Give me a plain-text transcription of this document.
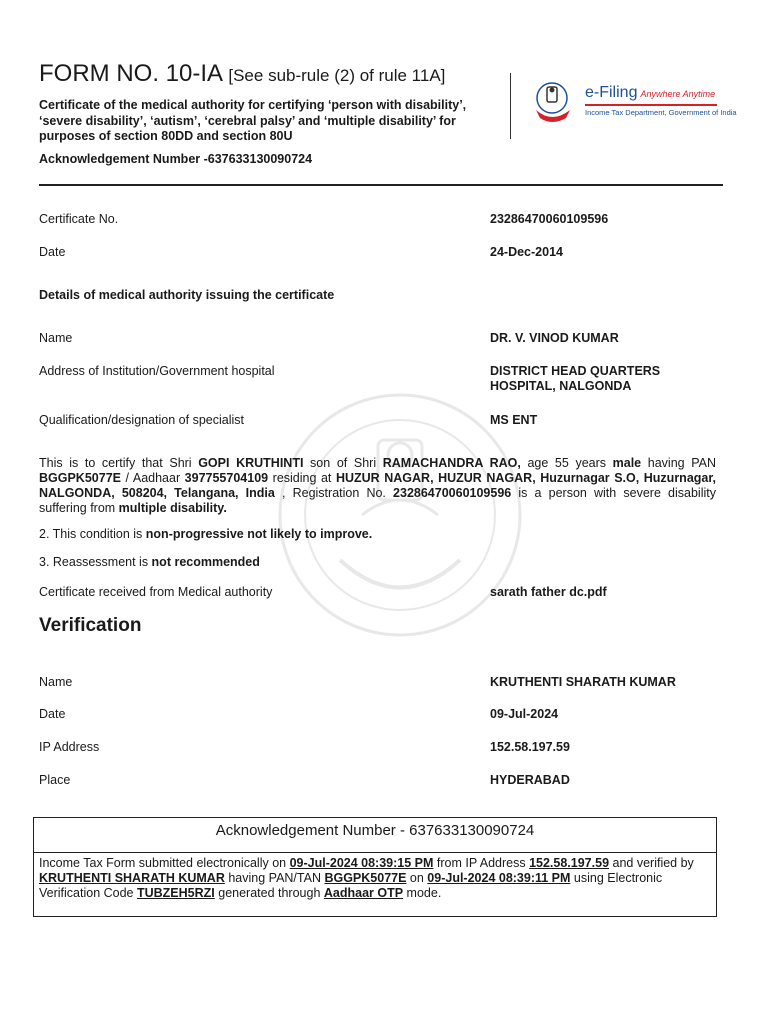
FORM NO. 10-IA [See sub-rule (2) of rule 11A]
Certificate of the medical authority for certifying ‘person with disability’, ‘severe disability’, ‘autism’, ‘cerebral palsy’ and ‘multiple disability’ for purposes of section 80DD and section 80U
Acknowledgement Number -637633130090724
e-Filing Anywhere Anytime
Income Tax Department, Government of India
Certificate No.	23286470060109596
Date	24-Dec-2014
Details of medical authority issuing the certificate
Name	DR. V. VINOD KUMAR
Address of Institution/Government hospital	DISTRICT HEAD QUARTERS HOSPITAL, NALGONDA
Qualification/designation of specialist	MS ENT
This is to certify that Shri GOPI KRUTHINTI son of Shri RAMACHANDRA RAO, age 55 years male having PAN BGGPK5077E / Aadhaar 397755704109 residing at HUZUR NAGAR, HUZUR NAGAR, Huzurnagar S.O, Huzurnagar, NALGONDA, 508204, Telangana, India , Registration No. 23286470060109596 is a person with severe disability suffering from multiple disability.
2. This condition is non-progressive not likely to improve.
3. Reassessment is not recommended
Certificate received from Medical authority	sarath father dc.pdf
Verification
Name	KRUTHENTI SHARATH KUMAR
Date	09-Jul-2024
IP Address	152.58.197.59
Place	HYDERABAD
Acknowledgement Number - 637633130090724
Income Tax Form submitted electronically on 09-Jul-2024 08:39:15 PM from IP Address 152.58.197.59 and verified by KRUTHENTI SHARATH KUMAR having PAN/TAN BGGPK5077E on 09-Jul-2024 08:39:11 PM using Electronic Verification Code TUBZEH5RZI generated through Aadhaar OTP mode.
